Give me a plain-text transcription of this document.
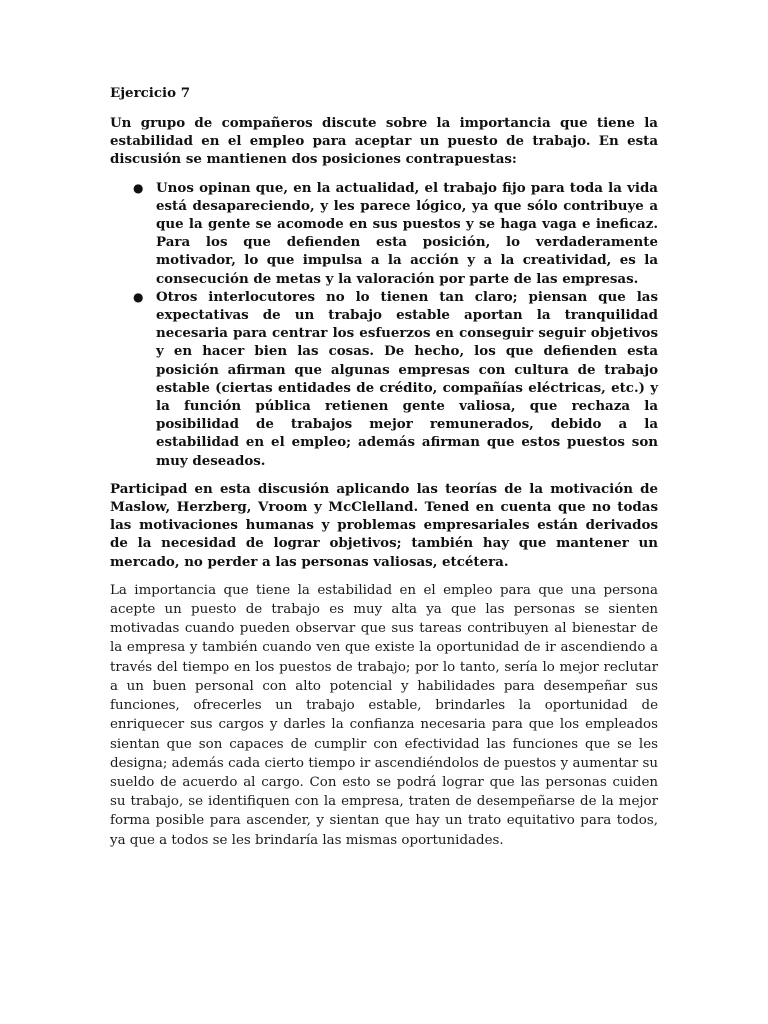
Ejercicio 7

Un grupo de compañeros discute sobre la importancia que tiene la estabilidad en el empleo para aceptar un puesto de trabajo. En esta discusión se mantienen dos posiciones contrapuestas:

● Unos opinan que, en la actualidad, el trabajo fijo para toda la vida está desapareciendo, y les parece lógico, ya que sólo contribuye a que la gente se acomode en sus puestos y se haga vaga e ineficaz. Para los que defienden esta posición, lo verdaderamente motivador, lo que impulsa a la acción y a la creatividad, es la consecución de metas y la valoración por parte de las empresas.
● Otros interlocutores no lo tienen tan claro; piensan que las expectativas de un trabajo estable aportan la tranquilidad necesaria para centrar los esfuerzos en conseguir seguir objetivos y en hacer bien las cosas. De hecho, los que defienden esta posición afirman que algunas empresas con cultura de trabajo estable (ciertas entidades de crédito, compañías eléctricas, etc.) y la función pública retienen gente valiosa, que rechaza la posibilidad de trabajos mejor remunerados, debido a la estabilidad en el empleo; además afirman que estos puestos son muy deseados.

Participad en esta discusión aplicando las teorías de la motivación de Maslow, Herzberg, Vroom y McClelland. Tened en cuenta que no todas las motivaciones humanas y problemas empresariales están derivados de la necesidad de lograr objetivos; también hay que mantener un mercado, no perder a las personas valiosas, etcétera.

La importancia que tiene la estabilidad en el empleo para que una persona acepte un puesto de trabajo es muy alta ya que las personas se sienten motivadas cuando pueden observar que sus tareas contribuyen al bienestar de la empresa y también cuando ven que existe la oportunidad de ir ascendiendo a través del tiempo en los puestos de trabajo; por lo tanto, sería lo mejor reclutar a un buen personal con alto potencial y habilidades para desempeñar sus funciones, ofrecerles un trabajo estable, brindarles la oportunidad de enriquecer sus cargos y darles la confianza necesaria para que los empleados sientan que son capaces de cumplir con efectividad las funciones que se les designa; además cada cierto tiempo ir ascendiéndolos de puestos y aumentar su sueldo de acuerdo al cargo. Con esto se podrá lograr que las personas cuiden su trabajo, se identifiquen con la empresa, traten de desempeñarse de la mejor forma posible para ascender, y sientan que hay un trato equitativo para todos, ya que a todos se les brindaría las mismas oportunidades.
